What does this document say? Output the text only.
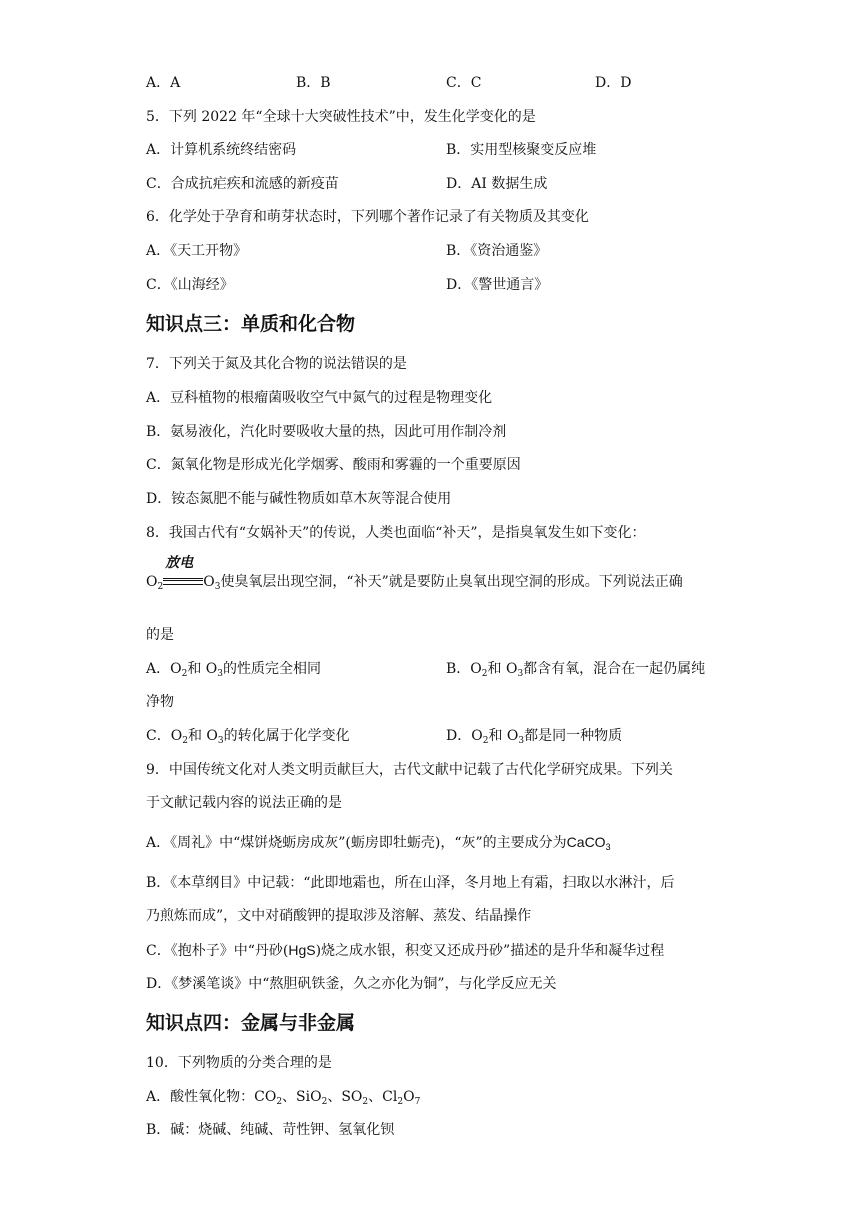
A．A	B．B	C．C	D．D
5．下列 2022 年“全球十大突破性技术”中，发生化学变化的是
A．计算机系统终结密码	B．实用型核聚变反应堆
C．合成抗疟疾和流感的新疫苗	D．AI 数据生成
6．化学处于孕育和萌芽状态时，下列哪个著作记录了有关物质及其变化
A．《天工开物》	B．《资治通鉴》
C．《山海经》	D．《警世通言》
知识点三：单质和化合物
7．下列关于氮及其化合物的说法错误的是
A．豆科植物的根瘤菌吸收空气中氮气的过程是物理变化
B．氨易液化，汽化时要吸收大量的热，因此可用作制冷剂
C．氮氧化物是形成光化学烟雾、酸雨和雾霾的一个重要原因
D．铵态氮肥不能与碱性物质如草木灰等混合使用
8．我国古代有“女娲补天”的传说，人类也面临“补天”，是指臭氧发生如下变化：
$O_2$
放电
$O_3$使臭氧层出现空洞，“补天”就是要防止臭氧出现空洞的形成。下列说法正确
的是
A．$O_2$和 $O_3$的性质完全相同	B．$O_2$和 $O_3$都含有氧，混合在一起仍属纯
净物
C．$O_2$和 $O_3$的转化属于化学变化	D．$O_2$和 $O_3$都是同一种物质
9．中国传统文化对人类文明贡献巨大，古代文献中记载了古代化学研究成果。下列关
于文献记载内容的说法正确的是
A．《周礼》中“煤饼烧蛎房成灰”(蛎房即牡蛎壳)，“灰”的主要成分为CaCO$_3$
B．《本草纲目》中记载：“此即地霜也，所在山泽，冬月地上有霜，扫取以水淋汁，后
乃煎炼而成”，文中对硝酸钾的提取涉及溶解、蒸发、结晶操作
C．《抱朴子》中“丹砂(HgS)烧之成水银，积变又还成丹砂”描述的是升华和凝华过程
D．《梦溪笔谈》中“熬胆矾铁釜，久之亦化为铜”，与化学反应无关
知识点四：金属与非金属
10．下列物质的分类合理的是
A．酸性氧化物：$CO_2$、SiO$_2$、$SO_2$、$Cl_2O_7$
B．碱：烧碱、纯碱、苛性钾、氢氧化钡
